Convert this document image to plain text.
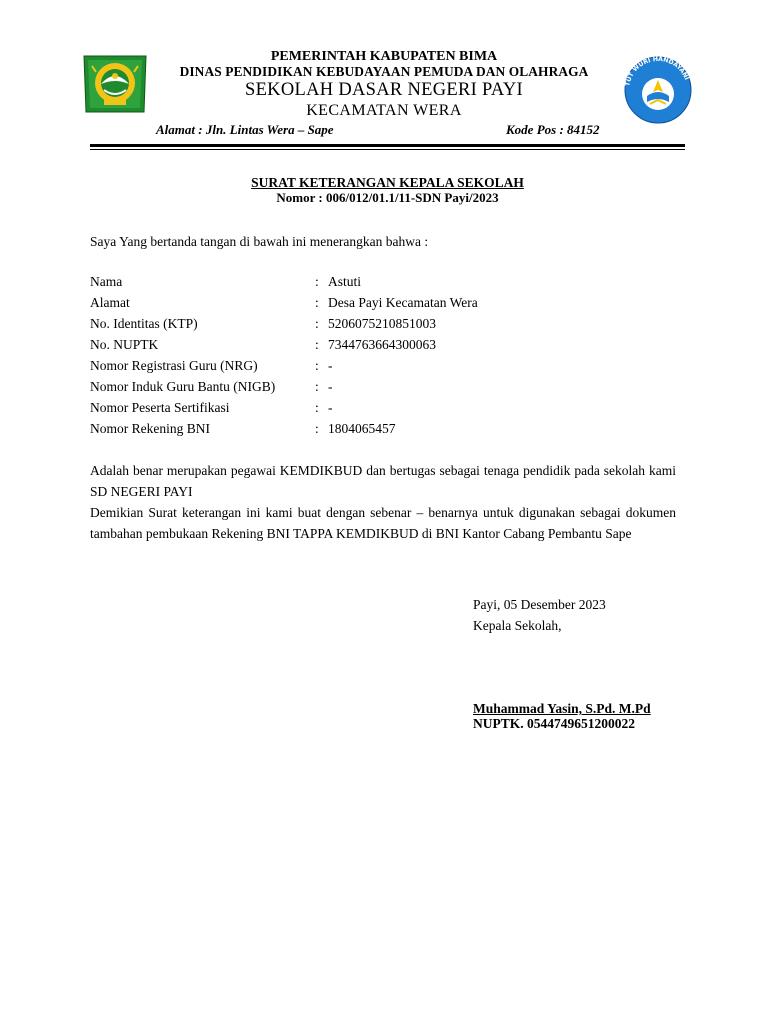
PEMERINTAH KABUPATEN BIMA
DINAS PENDIDIKAN KEBUDAYAAN PEMUDA DAN OLAHRAGA
SEKOLAH DASAR NEGERI PAYI
KECAMATAN WERA
Alamat : Jln. Lintas Wera – Sape	Kode Pos : 84152
TUT WURI HANDAYANI
SURAT KETERANGAN KEPALA SEKOLAH
Nomor : 006/012/01.1/11-SDN Payi/2023
Saya Yang bertanda tangan di bawah ini menerangkan bahwa :
Nama	: Astuti
Alamat	: Desa Payi Kecamatan Wera
No. Identitas (KTP)	: 5206075210851003
No. NUPTK	: 7344763664300063
Nomor Registrasi Guru (NRG)	: -
Nomor Induk Guru Bantu (NIGB)	: -
Nomor Peserta Sertifikasi	: -
Nomor Rekening BNI	: 1804065457
Adalah benar merupakan pegawai KEMDIKBUD dan bertugas sebagai tenaga pendidik pada sekolah kami SD NEGERI PAYI
Demikian Surat keterangan ini kami buat dengan sebenar – benarnya untuk digunakan sebagai dokumen tambahan pembukaan Rekening BNI TAPPA KEMDIKBUD di BNI Kantor Cabang Pembantu Sape
Payi, 05 Desember 2023
Kepala Sekolah,
Muhammad Yasin, S.Pd. M.Pd
NUPTK. 0544749651200022
